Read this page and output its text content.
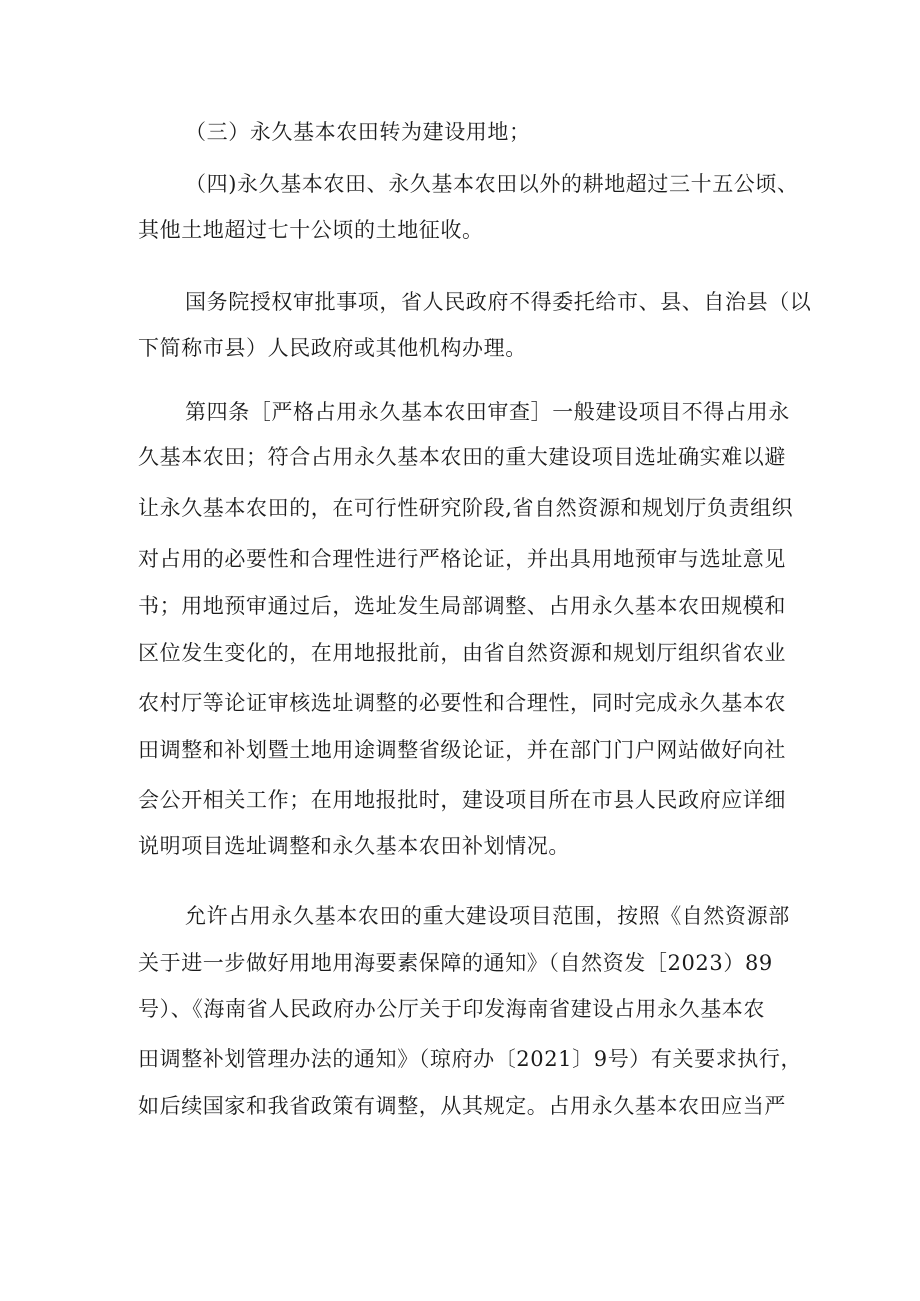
（三）永久基本农田转为建设用地；
（四)永久基本农田、永久基本农田以外的耕地超过三十五公顷、
其他土地超过七十公顷的土地征收。
国务院授权审批事项，省人民政府不得委托给市、县、自治县（以
下简称市县）人民政府或其他机构办理。
第四条［严格占用永久基本农田审查］一般建设项目不得占用永
久基本农田；符合占用永久基本农田的重大建设项目选址确实难以避
让永久基本农田的，在可行性研究阶段,省自然资源和规划厅负责组织
对占用的必要性和合理性进行严格论证，并出具用地预审与选址意见
书；用地预审通过后，选址发生局部调整、占用永久基本农田规模和
区位发生变化的，在用地报批前，由省自然资源和规划厅组织省农业
农村厅等论证审核选址调整的必要性和合理性，同时完成永久基本农
田调整和补划暨土地用途调整省级论证，并在部门门户网站做好向社
会公开相关工作；在用地报批时，建设项目所在市县人民政府应详细
说明项目选址调整和永久基本农田补划情况。
允许占用永久基本农田的重大建设项目范围，按照《自然资源部
关于进一步做好用地用海要素保障的通知》（自然资发［2023）89
号）、《海南省人民政府办公厅关于印发海南省建设占用永久基本农
田调整补划管理办法的通知》（琼府办〔2021〕9号）有关要求执行，
如后续国家和我省政策有调整，从其规定。占用永久基本农田应当严
